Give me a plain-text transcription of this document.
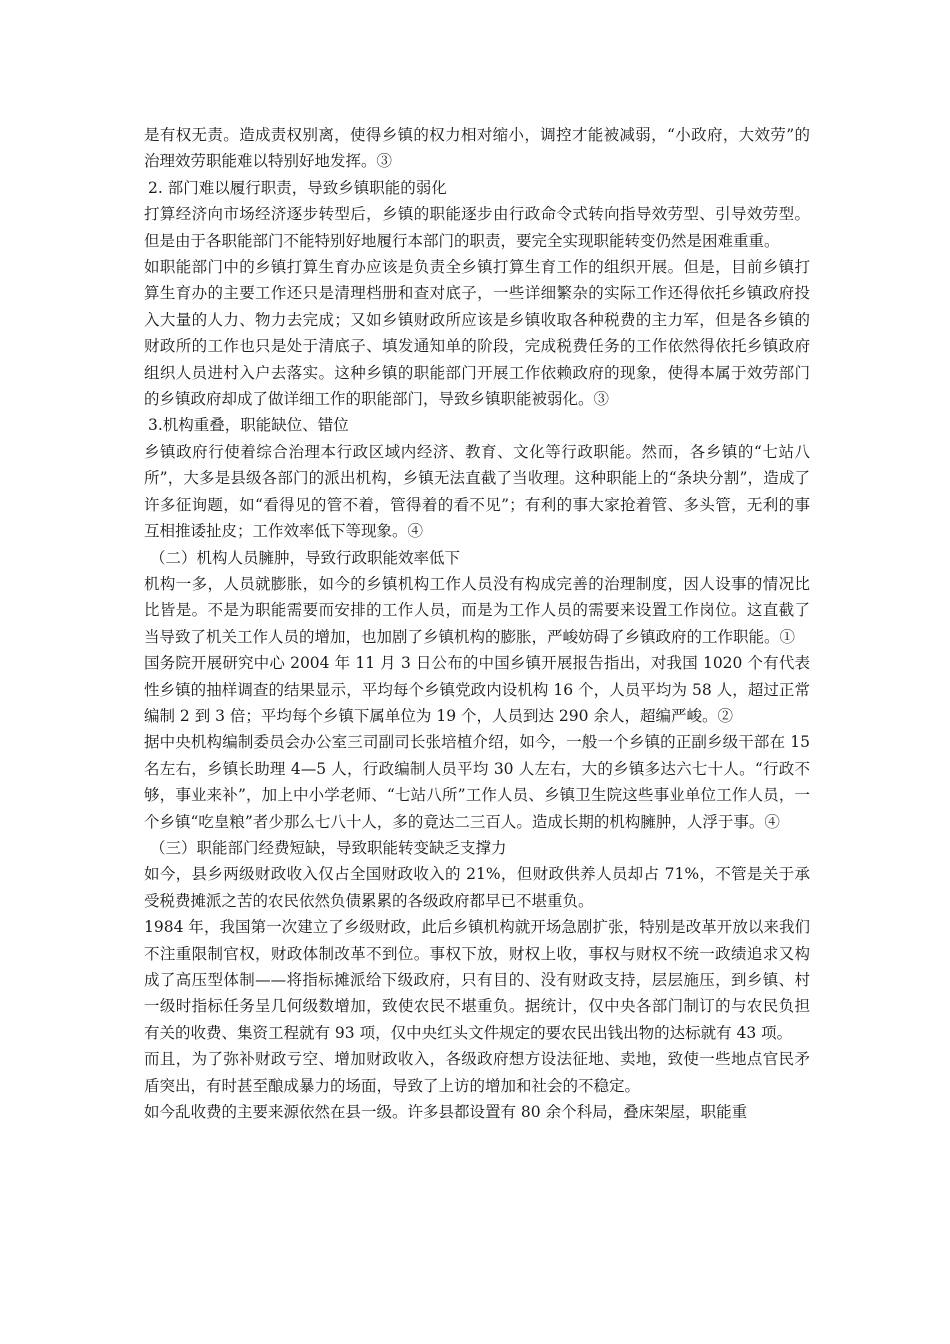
是有权无责。造成责权别离，使得乡镇的权力相对缩小，调控才能被减弱，“小政府，大效劳”的治理效劳职能难以特别好地发挥。③

2. 部门难以履行职责，导致乡镇职能的弱化

打算经济向市场经济逐步转型后，乡镇的职能逐步由行政命令式转向指导效劳型、引导效劳型。但是由于各职能部门不能特别好地履行本部门的职责，要完全实现职能转变仍然是困难重重。

如职能部门中的乡镇打算生育办应该是负责全乡镇打算生育工作的组织开展。但是，目前乡镇打算生育办的主要工作还只是清理档册和查对底子，一些详细繁杂的实际工作还得依托乡镇政府投入大量的人力、物力去完成；又如乡镇财政所应该是乡镇收取各种税费的主力军，但是各乡镇的财政所的工作也只是处于清底子、填发通知单的阶段，完成税费任务的工作依然得依托乡镇政府组织人员进村入户去落实。这种乡镇的职能部门开展工作依赖政府的现象，使得本属于效劳部门的乡镇政府却成了做详细工作的职能部门，导致乡镇职能被弱化。③

3.机构重叠，职能缺位、错位

乡镇政府行使着综合治理本行政区域内经济、教育、文化等行政职能。然而，各乡镇的“七站八所”，大多是县级各部门的派出机构，乡镇无法直截了当收理。这种职能上的“条块分割”，造成了许多征询题，如“看得见的管不着，管得着的看不见”；有利的事大家抢着管、多头管，无利的事互相推诿扯皮；工作效率低下等现象。④

（二）机构人员臃肿，导致行政职能效率低下

机构一多，人员就膨胀，如今的乡镇机构工作人员没有构成完善的治理制度，因人设事的情况比比皆是。不是为职能需要而安排的工作人员，而是为工作人员的需要来设置工作岗位。这直截了当导致了机关工作人员的增加，也加剧了乡镇机构的膨胀，严峻妨碍了乡镇政府的工作职能。①

国务院开展研究中心 2004 年 11 月 3 日公布的中国乡镇开展报告指出，对我国 1020 个有代表性乡镇的抽样调查的结果显示，平均每个乡镇党政内设机构 16 个，人员平均为 58 人，超过正常编制 2 到 3 倍；平均每个乡镇下属单位为 19 个，人员到达 290 余人，超编严峻。②

据中央机构编制委员会办公室三司副司长张培植介绍，如今，一般一个乡镇的正副乡级干部在 15 名左右，乡镇长助理 4—5 人，行政编制人员平均 30 人左右，大的乡镇多达六七十人。“行政不够，事业来补”，加上中小学老师、“七站八所”工作人员、乡镇卫生院这些事业单位工作人员，一个乡镇“吃皇粮”者少那么七八十人，多的竟达二三百人。造成长期的机构臃肿，人浮于事。④

（三）职能部门经费短缺，导致职能转变缺乏支撑力

如今，县乡两级财政收入仅占全国财政收入的 21%，但财政供养人员却占 71%，不管是关于承受税费摊派之苦的农民依然负债累累的各级政府都早已不堪重负。

1984 年，我国第一次建立了乡级财政，此后乡镇机构就开场急剧扩张，特别是改革开放以来我们不注重限制官权，财政体制改革不到位。事权下放，财权上收，事权与财权不统一政绩追求又构成了高压型体制——将指标摊派给下级政府，只有目的、没有财政支持，层层施压，到乡镇、村一级时指标任务呈几何级数增加，致使农民不堪重负。据统计，仅中央各部门制订的与农民负担有关的收费、集资工程就有 93 项，仅中央红头文件规定的要农民出钱出物的达标就有 43 项。

而且，为了弥补财政亏空、增加财政收入，各级政府想方设法征地、卖地，致使一些地点官民矛盾突出，有时甚至酿成暴力的场面，导致了上访的增加和社会的不稳定。

如今乱收费的主要来源依然在县一级。许多县都设置有 80 余个科局，叠床架屋，职能重
